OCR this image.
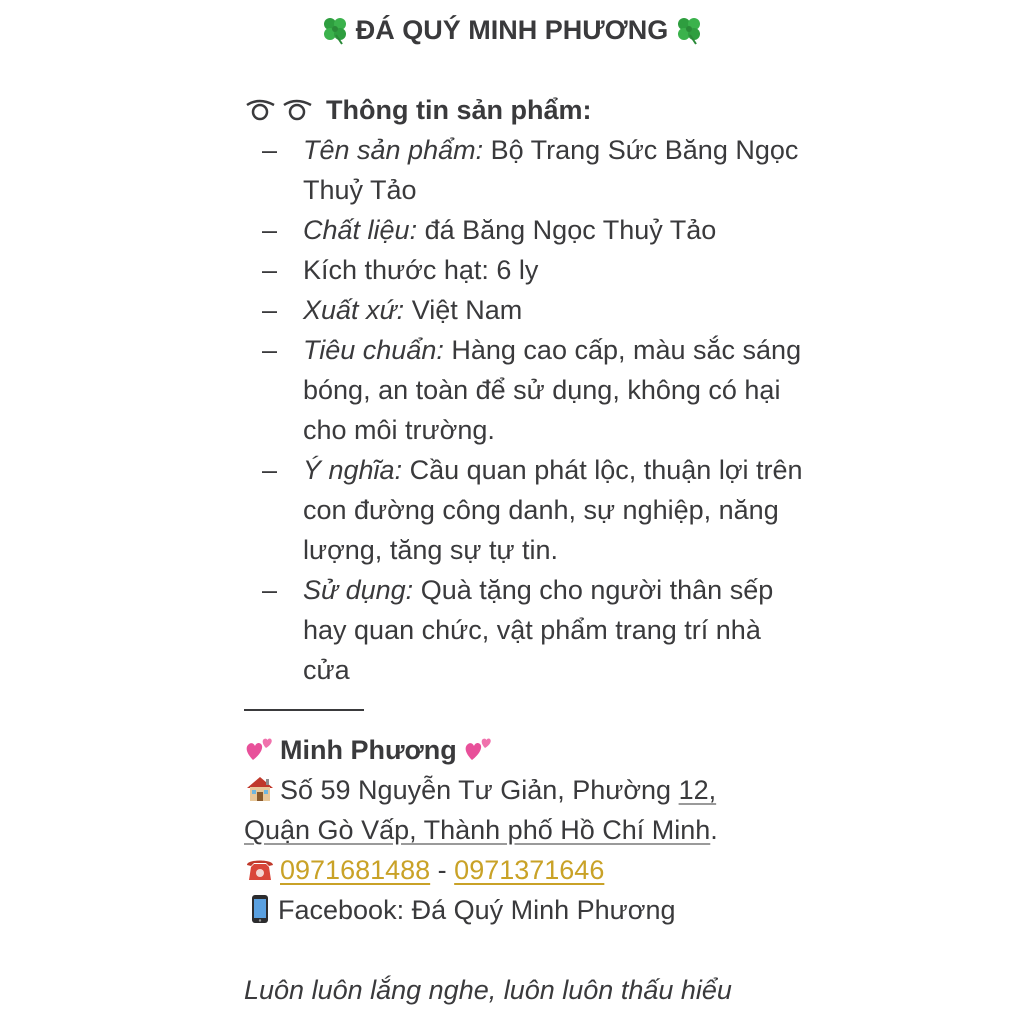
ĐÁ QUÝ MINH PHƯƠNG
Thông tin sản phẩm:
– Tên sản phẩm: Bộ Trang Sức Băng Ngọc Thuỷ Tảo
– Chất liệu: đá Băng Ngọc Thuỷ Tảo
– Kích thước hạt: 6 ly
– Xuất xứ: Việt Nam
– Tiêu chuẩn: Hàng cao cấp, màu sắc sáng bóng, an toàn để sử dụng, không có hại cho môi trường.
– Ý nghĩa: Cầu quan phát lộc, thuận lợi trên con đường công danh, sự nghiệp, năng lượng, tăng sự tự tin.
– Sử dụng: Quà tặng cho người thân sếp hay quan chức, vật phẩm trang trí nhà cửa
Minh Phương
Số 59 Nguyễn Tư Giản, Phường 12, Quận Gò Vấp, Thành phố Hồ Chí Minh.
0971681488 - 0971371646
Facebook: Đá Quý Minh Phương
Luôn luôn lắng nghe, luôn luôn thấu hiểu
